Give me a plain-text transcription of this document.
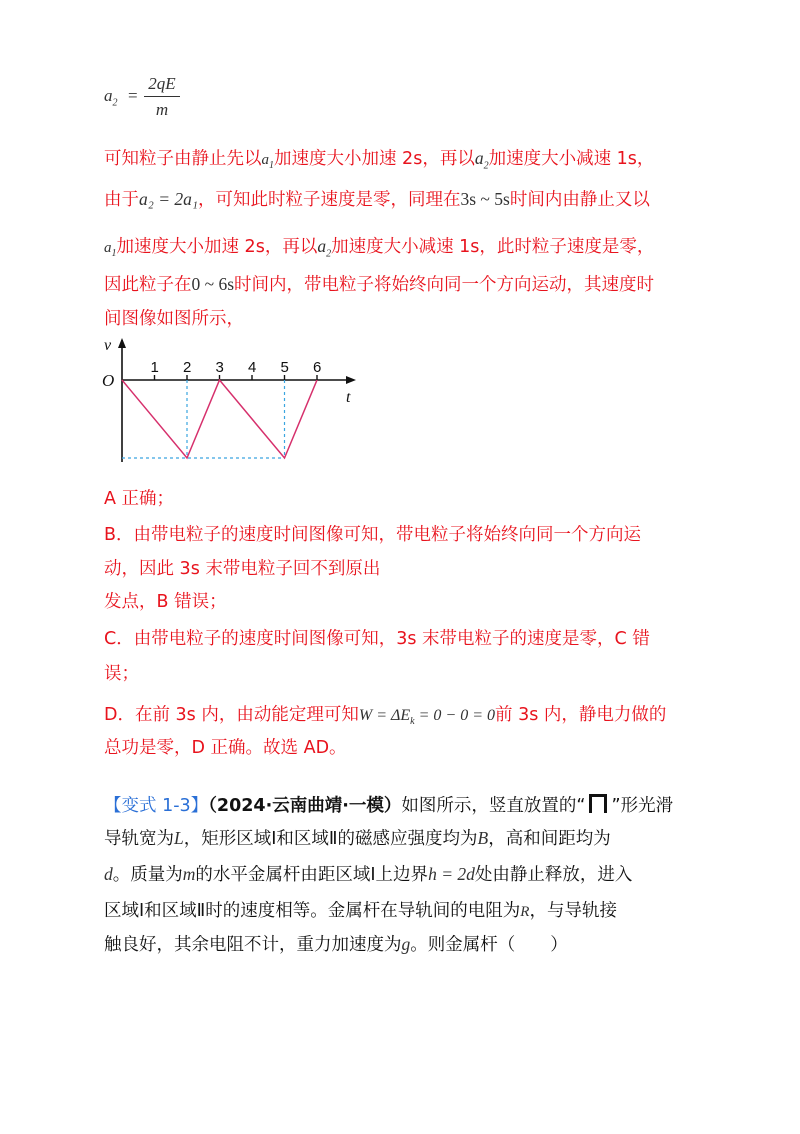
$a_2$ =
2qE
m
可知粒子由静止先以$a_1$加速度大小加速 2s，再以$a_2$加速度大小减速 1s，
由于a₂ = 2a₁，可知此时粒子速度是零，同理在3s ~ 5s时间内由静止又以
$a_1$加速度大小加速 2s，再以$a_2$加速度大小减速 1s，此时粒子速度是零，
因此粒子在0 ~ 6s时间内，带电粒子将始终向同一个方向运动，其速度时
间图像如图所示，
v
O
t
1 2 3 4 5 6
A 正确；
B．由带电粒子的速度时间图像可知，带电粒子将始终向同一个方向运
动，因此 3s 末带电粒子回不到原出
发点，B 错误；
C．由带电粒子的速度时间图像可知，3s 末带电粒子的速度是零，C 错
误；
D．在前 3s 内，由动能定理可知$W = \Delta E_k = 0 - 0 = 0$前 3s 内，静电力做的
总功是零，D 正确。故选 AD。
【变式 1-3】（2024·云南曲靖·一模）如图所示，竖直放置的“ ”形光滑
导轨宽为L，矩形区域Ⅰ和区域Ⅱ的磁感应强度均为B，高和间距均为
d。质量为m的水平金属杆由距区域Ⅰ上边界h = 2d处由静止释放，进入
区域Ⅰ和区域Ⅱ时的速度相等。金属杆在导轨间的电阻为R，与导轨接
触良好，其余电阻不计，重力加速度为g。则金属杆（　　）
